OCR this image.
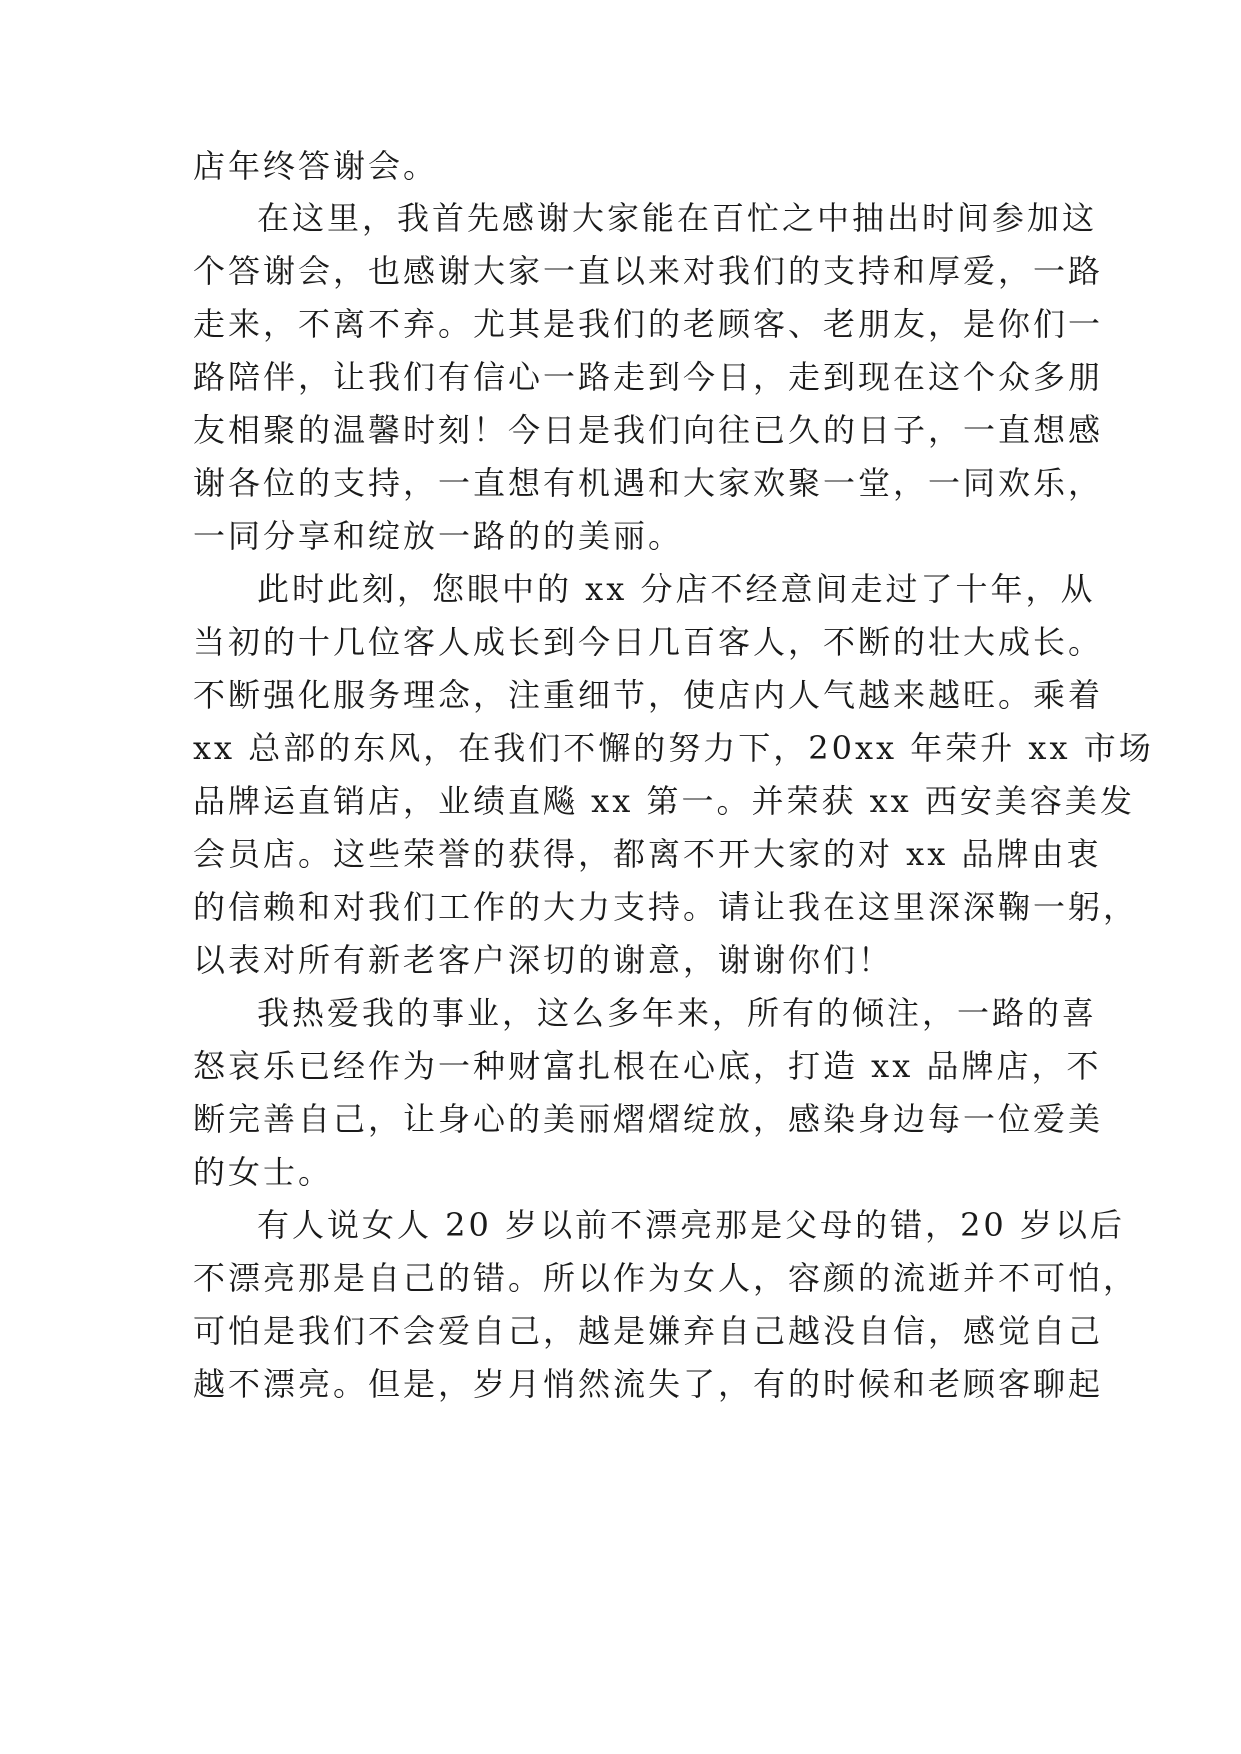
店年终答谢会。
在这里，我首先感谢大家能在百忙之中抽出时间参加这
个答谢会，也感谢大家一直以来对我们的支持和厚爱，一路
走来，不离不弃。尤其是我们的老顾客、老朋友，是你们一
路陪伴，让我们有信心一路走到今日，走到现在这个众多朋
友相聚的温馨时刻！今日是我们向往已久的日子，一直想感
谢各位的支持，一直想有机遇和大家欢聚一堂，一同欢乐，
一同分享和绽放一路的的美丽。
此时此刻，您眼中的 xx 分店不经意间走过了十年，从
当初的十几位客人成长到今日几百客人，不断的壮大成长。
不断强化服务理念，注重细节，使店内人气越来越旺。乘着
xx 总部的东风，在我们不懈的努力下，20xx 年荣升 xx 市场
品牌运直销店，业绩直飚 xx 第一。并荣获 xx 西安美容美发
会员店。这些荣誉的获得，都离不开大家的对 xx 品牌由衷
的信赖和对我们工作的大力支持。请让我在这里深深鞠一躬，
以表对所有新老客户深切的谢意，谢谢你们！
我热爱我的事业，这么多年来，所有的倾注，一路的喜
怒哀乐已经作为一种财富扎根在心底，打造 xx 品牌店，不
断完善自己，让身心的美丽熠熠绽放，感染身边每一位爱美
的女士。
有人说女人 20 岁以前不漂亮那是父母的错，20 岁以后
不漂亮那是自己的错。所以作为女人，容颜的流逝并不可怕，
可怕是我们不会爱自己，越是嫌弃自己越没自信，感觉自己
越不漂亮。但是，岁月悄然流失了，有的时候和老顾客聊起
